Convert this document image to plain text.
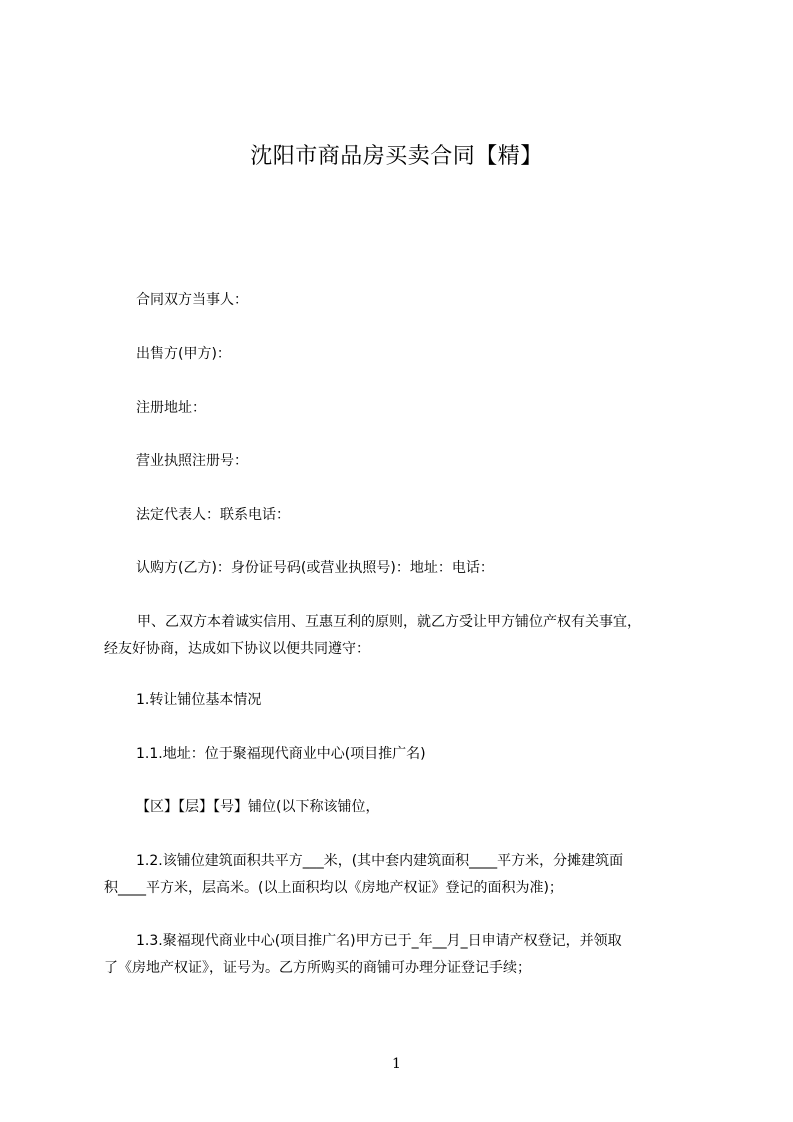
沈阳市商品房买卖合同【精】

合同双方当事人：

出售方(甲方)：

注册地址：

营业执照注册号：

法定代表人：联系电话：

认购方(乙方)：身份证号码(或营业执照号)：地址：电话：

甲、乙双方本着诚实信用、互惠互利的原则，就乙方受让甲方铺位产权有关事宜，
经友好协商，达成如下协议以便共同遵守：

1.转让铺位基本情况

1.1.地址：位于聚福现代商业中心(项目推广名)

【区】【层】【号】铺位(以下称该铺位，

1.2.该铺位建筑面积共平方___米，(其中套内建筑面积____平方米，分摊建筑面
积____平方米，层高米。(以上面积均以《房地产权证》登记的面积为准)；

1.3.聚福现代商业中心(项目推广名)甲方已于_年__月_日申请产权登记，并领取
了《房地产权证》，证号为。乙方所购买的商铺可办理分证登记手续；

1
